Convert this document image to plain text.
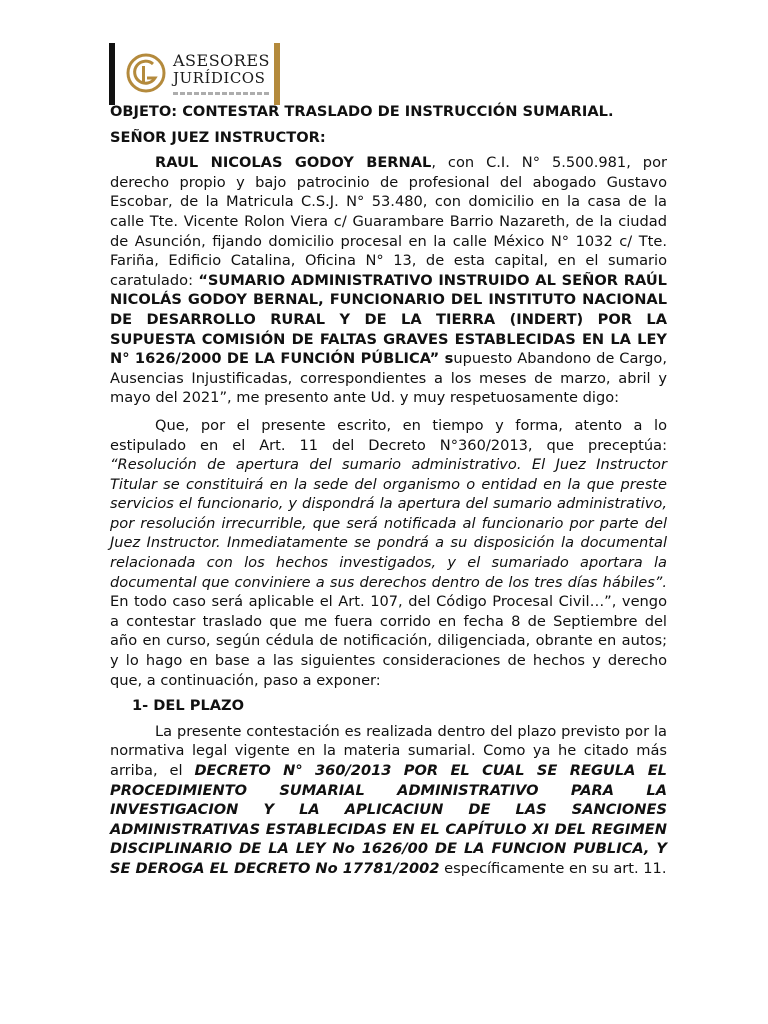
ASESORES
JURÍDICOS

OBJETO: CONTESTAR TRASLADO DE INSTRUCCIÓN SUMARIAL.

SEÑOR JUEZ INSTRUCTOR:

RAUL NICOLAS GODOY BERNAL, con C.I. N° 5.500.981, por derecho propio y bajo patrocinio de profesional del abogado Gustavo Escobar, de la Matricula C.S.J. N° 53.480, con domicilio en la casa de la calle Tte. Vicente Rolon Viera c/ Guarambare Barrio Nazareth, de la ciudad de Asunción, fijando domicilio procesal en la calle México N° 1032 c/ Tte. Fariña, Edificio Catalina, Oficina N° 13, de esta capital, en el sumario caratulado: “SUMARIO ADMINISTRATIVO INSTRUIDO AL SEÑOR RAÚL NICOLÁS GODOY BERNAL, FUNCIONARIO DEL INSTITUTO NACIONAL DE DESARROLLO RURAL Y DE LA TIERRA (INDERT) POR LA SUPUESTA COMISIÓN DE FALTAS GRAVES ESTABLECIDAS EN LA LEY N° 1626/2000 DE LA FUNCIÓN PÚBLICA” supuesto Abandono de Cargo, Ausencias Injustificadas, correspondientes a los meses de marzo, abril y mayo del 2021”, me presento ante Ud. y muy respetuosamente digo:

Que, por el presente escrito, en tiempo y forma, atento a lo estipulado en el Art. 11 del Decreto N°360/2013, que preceptúa: “Resolución de apertura del sumario administrativo. El Juez Instructor Titular se constituirá en la sede del organismo o entidad en la que preste servicios el funcionario, y dispondrá la apertura del sumario administrativo, por resolución irrecurrible, que será notificada al funcionario por parte del Juez Instructor. Inmediatamente se pondrá a su disposición la documental relacionada con los hechos investigados, y el sumariado aportara la documental que conviniere a sus derechos dentro de los tres días hábiles”. En todo caso será aplicable el Art. 107, del Código Procesal Civil…”, vengo a contestar traslado que me fuera corrido en fecha 8 de Septiembre del año en curso, según cédula de notificación, diligenciada, obrante en autos; y lo hago en base a las siguientes consideraciones de hechos y derecho que, a continuación, paso a exponer:

1- DEL PLAZO

La presente contestación es realizada dentro del plazo previsto por la normativa legal vigente en la materia sumarial. Como ya he citado más arriba, el DECRETO N° 360/2013 POR EL CUAL SE REGULA EL PROCEDIMIENTO SUMARIAL ADMINISTRATIVO PARA LA INVESTIGACION Y LA APLICACIUN DE LAS SANCIONES ADMINISTRATIVAS ESTABLECIDAS EN EL CAPÍTULO XI DEL REGIMEN DISCIPLINARIO DE LA LEY No 1626/00 DE LA FUNCION PUBLICA, Y SE DEROGA EL DECRETO No 17781/2002 específicamente en su art. 11.
